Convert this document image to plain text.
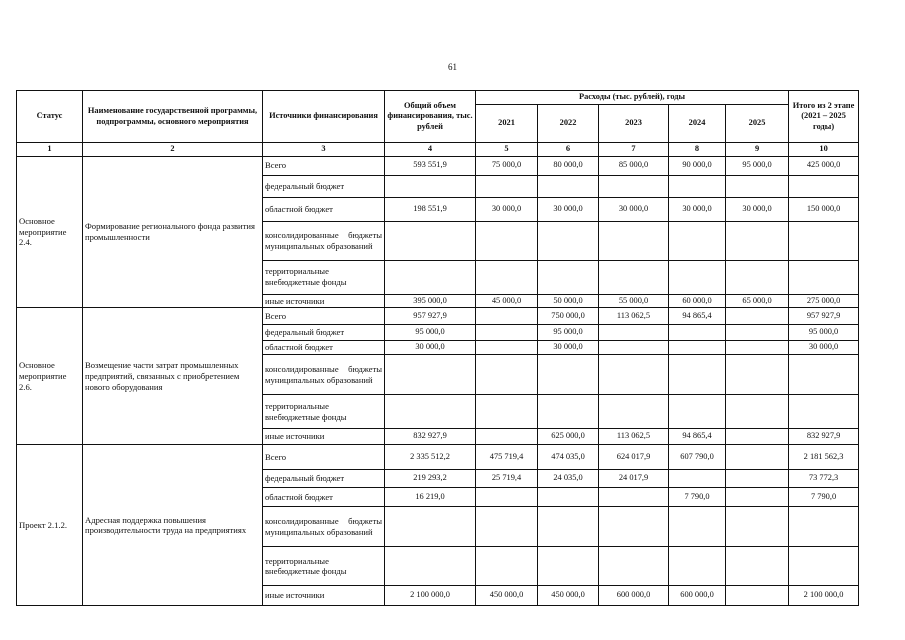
61
Статус	Наименование государственной программы, подпрограммы, основного мероприятия	Источники финансирования	Общий объем финансирования, тыс. рублей	Расходы (тыс. рублей), годы					Итого из 2 этапе (2021 – 2025 годы)
				2021	2022	2023	2024	2025	
1	2	3	4	5	6	7	8	9	10
Основное мероприятие 2.4.	Формирование регионального фонда развития промышленности	Всего	593 551,9	75 000,0	80 000,0	85 000,0	90 000,0	95 000,0	425 000,0
		федеральный бюджет							
		областной бюджет	198 551,9	30 000,0	30 000,0	30 000,0	30 000,0	30 000,0	150 000,0
		консолидированные бюджеты муниципальных образований							
		территориальные внебюджетные фонды							
		иные источники	395 000,0	45 000,0	50 000,0	55 000,0	60 000,0	65 000,0	275 000,0
Основное мероприятие 2.6.	Возмещение части затрат промышленных предприятий, связанных с приобретением нового оборудования	Всего	957 927,9		750 000,0	113 062,5	94 865,4		957 927,9
		федеральный бюджет	95 000,0		95 000,0				95 000,0
		областной бюджет	30 000,0		30 000,0				30 000,0
		консолидированные бюджеты муниципальных образований							
		территориальные внебюджетные фонды							
		иные источники	832 927,9		625 000,0	113 062,5	94 865,4		832 927,9
Проект 2.1.2.	Адресная поддержка повышения производительности труда на предприятиях	Всего	2 335 512,2	475 719,4	474 035,0	624 017,9	607 790,0		2 181 562,3
		федеральный бюджет	219 293,2	25 719,4	24 035,0	24 017,9			73 772,3
		областной бюджет	16 219,0				7 790,0		7 790,0
		консолидированные бюджеты муниципальных образований							
		территориальные внебюджетные фонды							
		иные источники	2 100 000,0	450 000,0	450 000,0	600 000,0	600 000,0		2 100 000,0
